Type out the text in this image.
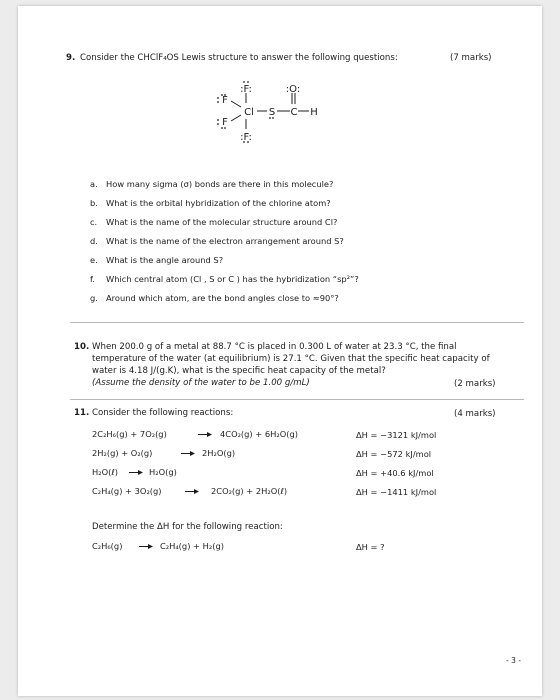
9. Consider the CHClF₄OS Lewis structure to answer the following questions:	(7 marks)
:F:	:O:
F
F
Cl S C H
:F:
a. How many sigma (σ) bonds are there in this molecule?
b. What is the orbital hybridization of the chlorine atom?
c. What is the name of the molecular structure around Cl?
d. What is the name of the electron arrangement around S?
e. What is the angle around S?
f. Which central atom (Cl , S or C ) has the hybridization “sp²”?
g. Around which atom, are the bond angles close to ≈90°?
10. When 200.0 g of a metal at 88.7 °C is placed in 0.300 L of water at 23.3 °C, the final
temperature of the water (at equilibrium) is 27.1 °C. Given that the specific heat capacity of
water is 4.18 J/(g.K), what is the specific heat capacity of the metal?
(Assume the density of the water to be 1.00 g/mL)	(2 marks)
11. Consider the following reactions:	(4 marks)
2C₂H₆(g) + 7O₂(g) → 4CO₂(g) + 6H₂O(g)	ΔH = −3121 kJ/mol
2H₂(g) + O₂(g) → 2H₂O(g)	ΔH = −572 kJ/mol
H₂O(ℓ) → H₂O(g)	ΔH = +40.6 kJ/mol
C₂H₄(g) + 3O₂(g) → 2CO₂(g) + 2H₂O(ℓ)	ΔH = −1411 kJ/mol
Determine the ΔH for the following reaction:
C₂H₆(g) → C₂H₄(g) + H₂(g)	ΔH = ?
- 3 -
